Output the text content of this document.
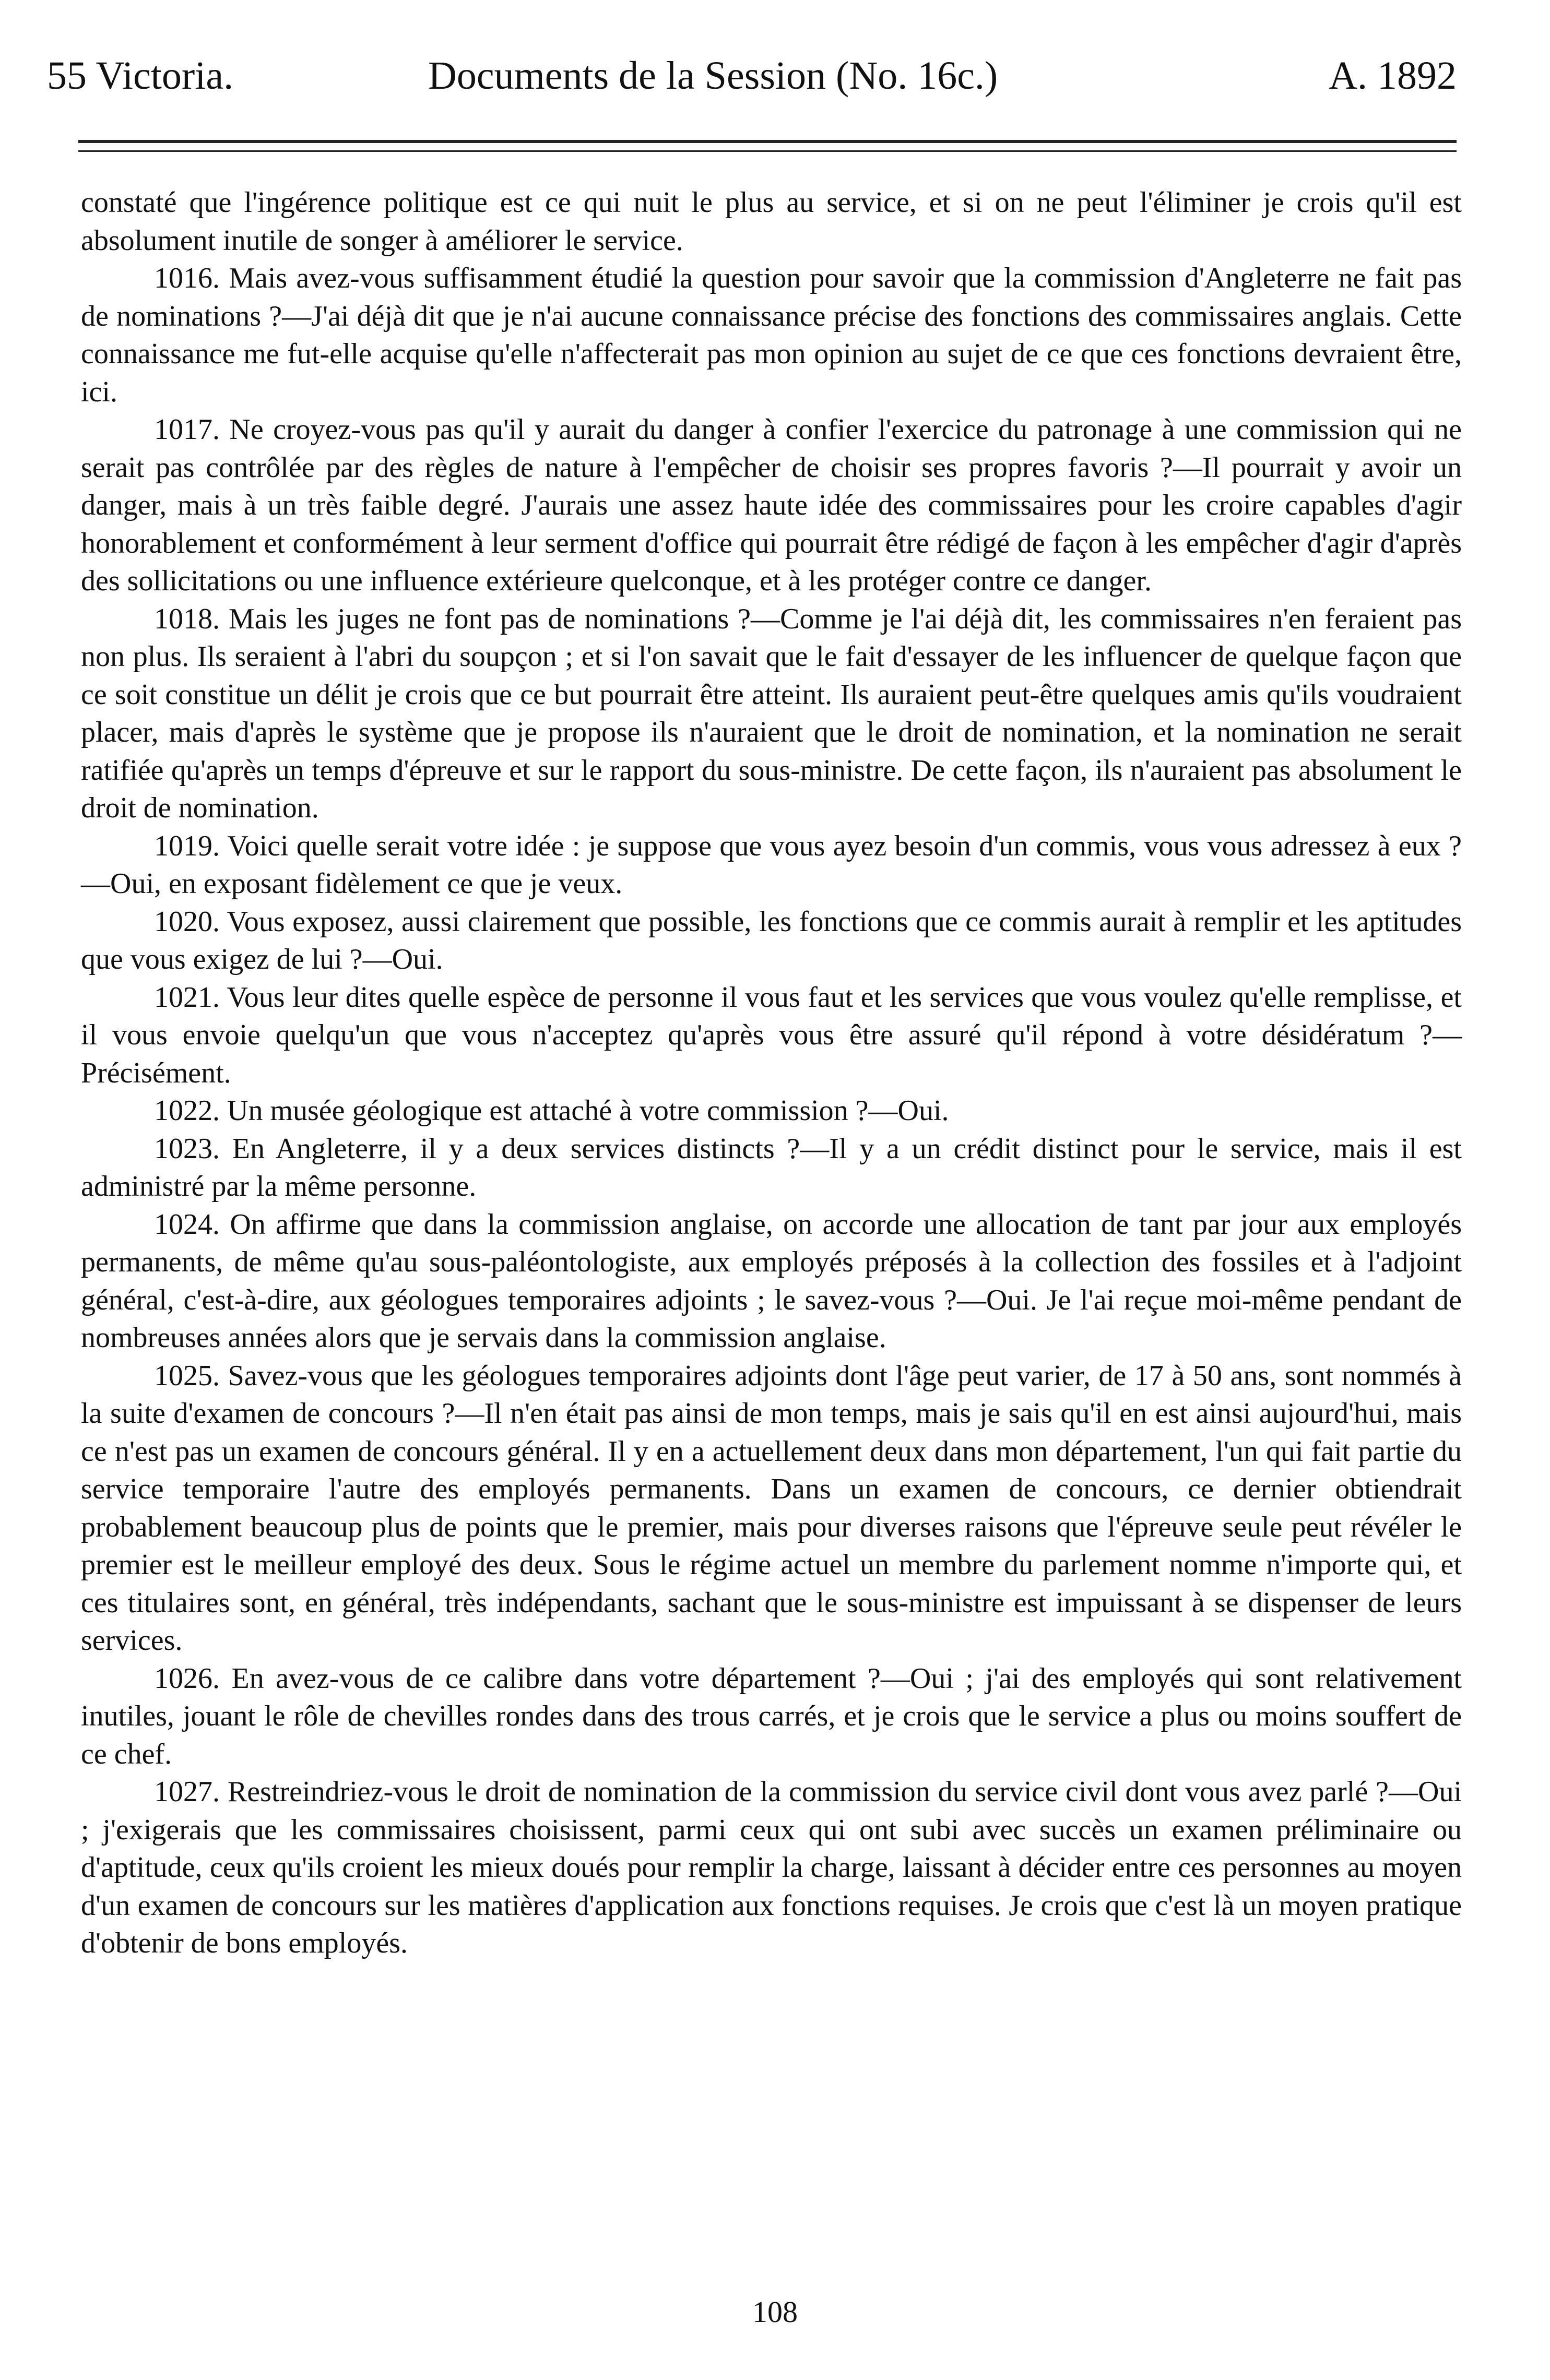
55 Victoria.	Documents de la Session (No. 16c.)	A. 1892

constaté que l'ingérence politique est ce qui nuit le plus au service, et si on ne peut l'éliminer je crois qu'il est absolument inutile de songer à améliorer le service.

1016. Mais avez-vous suffisamment étudié la question pour savoir que la commission d'Angleterre ne fait pas de nominations ?—J'ai déjà dit que je n'ai aucune connaissance précise des fonctions des commissaires anglais. Cette connaissance me fut-elle acquise qu'elle n'affecterait pas mon opinion au sujet de ce que ces fonctions devraient être, ici.

1017. Ne croyez-vous pas qu'il y aurait du danger à confier l'exercice du patronage à une commission qui ne serait pas contrôlée par des règles de nature à l'empêcher de choisir ses propres favoris ?—Il pourrait y avoir un danger, mais à un très faible degré. J'aurais une assez haute idée des commissaires pour les croire capables d'agir honorablement et conformément à leur serment d'office qui pourrait être rédigé de façon à les empêcher d'agir d'après des sollicitations ou une influence extérieure quelconque, et à les protéger contre ce danger.

1018. Mais les juges ne font pas de nominations ?—Comme je l'ai déjà dit, les commissaires n'en feraient pas non plus. Ils seraient à l'abri du soupçon ; et si l'on savait que le fait d'essayer de les influencer de quelque façon que ce soit constitue un délit je crois que ce but pourrait être atteint. Ils auraient peut-être quelques amis qu'ils voudraient placer, mais d'après le système que je propose ils n'auraient que le droit de nomination, et la nomination ne serait ratifiée qu'après un temps d'épreuve et sur le rapport du sous-ministre. De cette façon, ils n'auraient pas absolument le droit de nomination.

1019. Voici quelle serait votre idée : je suppose que vous ayez besoin d'un commis, vous vous adressez à eux ?—Oui, en exposant fidèlement ce que je veux.

1020. Vous exposez, aussi clairement que possible, les fonctions que ce commis aurait à remplir et les aptitudes que vous exigez de lui ?—Oui.

1021. Vous leur dites quelle espèce de personne il vous faut et les services que vous voulez qu'elle remplisse, et il vous envoie quelqu'un que vous n'acceptez qu'après vous être assuré qu'il répond à votre désidératum ?—Précisément.

1022. Un musée géologique est attaché à votre commission ?—Oui.

1023. En Angleterre, il y a deux services distincts ?—Il y a un crédit distinct pour le service, mais il est administré par la même personne.

1024. On affirme que dans la commission anglaise, on accorde une allocation de tant par jour aux employés permanents, de même qu'au sous-paléontologiste, aux employés préposés à la collection des fossiles et à l'adjoint général, c'est-à-dire, aux géologues temporaires adjoints ; le savez-vous ?—Oui. Je l'ai reçue moi-même pendant de nombreuses années alors que je servais dans la commission anglaise.

1025. Savez-vous que les géologues temporaires adjoints dont l'âge peut varier, de 17 à 50 ans, sont nommés à la suite d'examen de concours ?—Il n'en était pas ainsi de mon temps, mais je sais qu'il en est ainsi aujourd'hui, mais ce n'est pas un examen de concours général. Il y en a actuellement deux dans mon département, l'un qui fait partie du service temporaire l'autre des employés permanents. Dans un examen de concours, ce dernier obtiendrait probablement beaucoup plus de points que le premier, mais pour diverses raisons que l'épreuve seule peut révéler le premier est le meilleur employé des deux. Sous le régime actuel un membre du parlement nomme n'importe qui, et ces titulaires sont, en général, très indépendants, sachant que le sous-ministre est impuissant à se dispenser de leurs services.

1026. En avez-vous de ce calibre dans votre département ?—Oui ; j'ai des employés qui sont relativement inutiles, jouant le rôle de chevilles rondes dans des trous carrés, et je crois que le service a plus ou moins souffert de ce chef.

1027. Restreindriez-vous le droit de nomination de la commission du service civil dont vous avez parlé ?—Oui ; j'exigerais que les commissaires choisissent, parmi ceux qui ont subi avec succès un examen préliminaire ou d'aptitude, ceux qu'ils croient les mieux doués pour remplir la charge, laissant à décider entre ces personnes au moyen d'un examen de concours sur les matières d'application aux fonctions requises. Je crois que c'est là un moyen pratique d'obtenir de bons employés.

108
